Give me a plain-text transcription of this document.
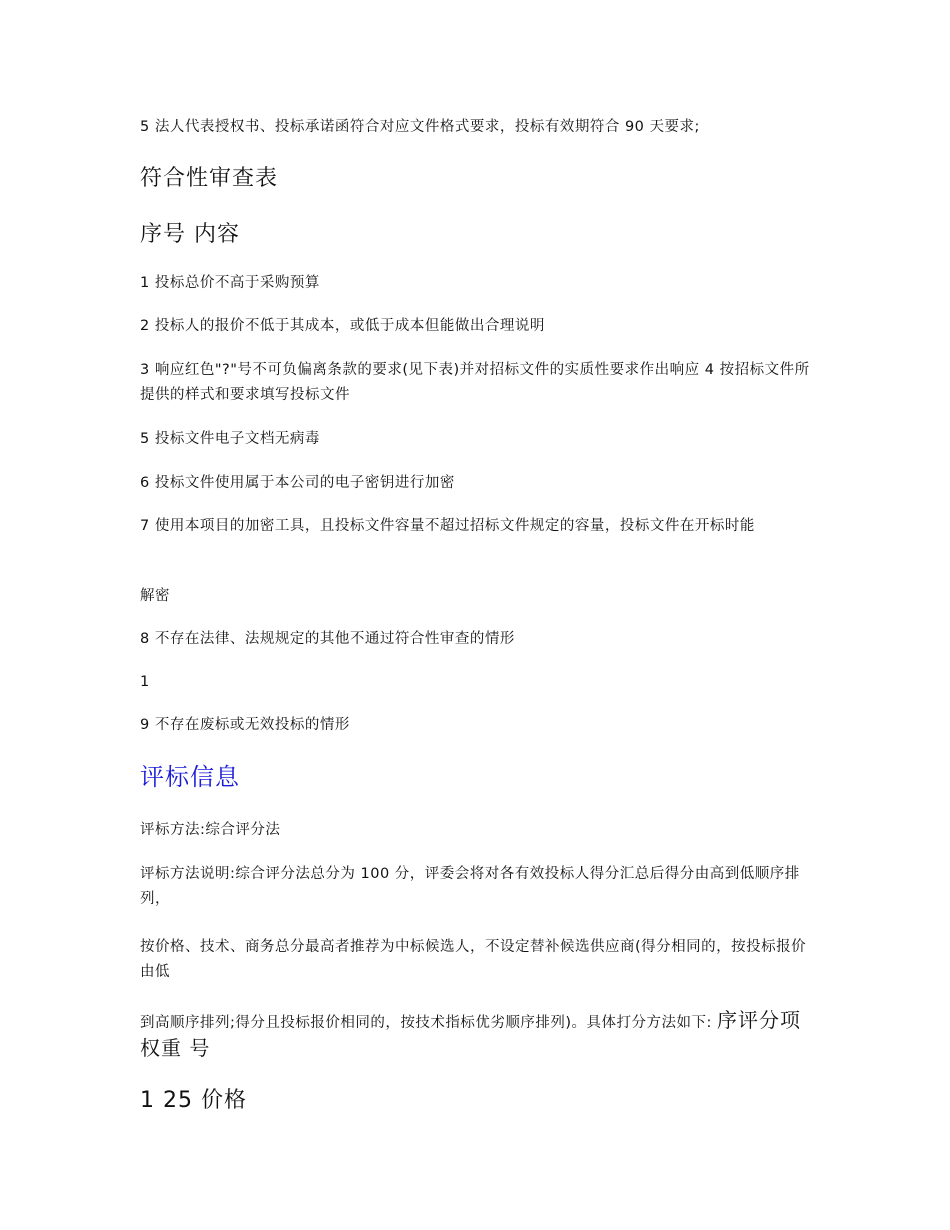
5 法人代表授权书、投标承诺函符合对应文件格式要求，投标有效期符合 90 天要求;

符合性审查表
序号 内容

1 投标总价不高于采购预算

2 投标人的报价不低于其成本，或低于成本但能做出合理说明

3 响应红色"?"号不可负偏离条款的要求(见下表)并对招标文件的实质性要求作出响应 4 按招标文件所提供的样式和要求填写投标文件

5 投标文件电子文档无病毒

6 投标文件使用属于本公司的电子密钥进行加密

7 使用本项目的加密工具，且投标文件容量不超过招标文件规定的容量，投标文件在开标时能

解密

8 不存在法律、法规规定的其他不通过符合性审查的情形

1

9 不存在废标或无效投标的情形

评标信息

评标方法:综合评分法

评标方法说明:综合评分法总分为 100 分，评委会将对各有效投标人得分汇总后得分由高到低顺序排列，

按价格、技术、商务总分最高者推荐为中标候选人，不设定替补候选供应商(得分相同的，按投标报价由低

到高顺序排列;得分且投标报价相同的，按技术指标优劣顺序排列)。具体打分方法如下: 序评分项 权重 号

1 25 价格
